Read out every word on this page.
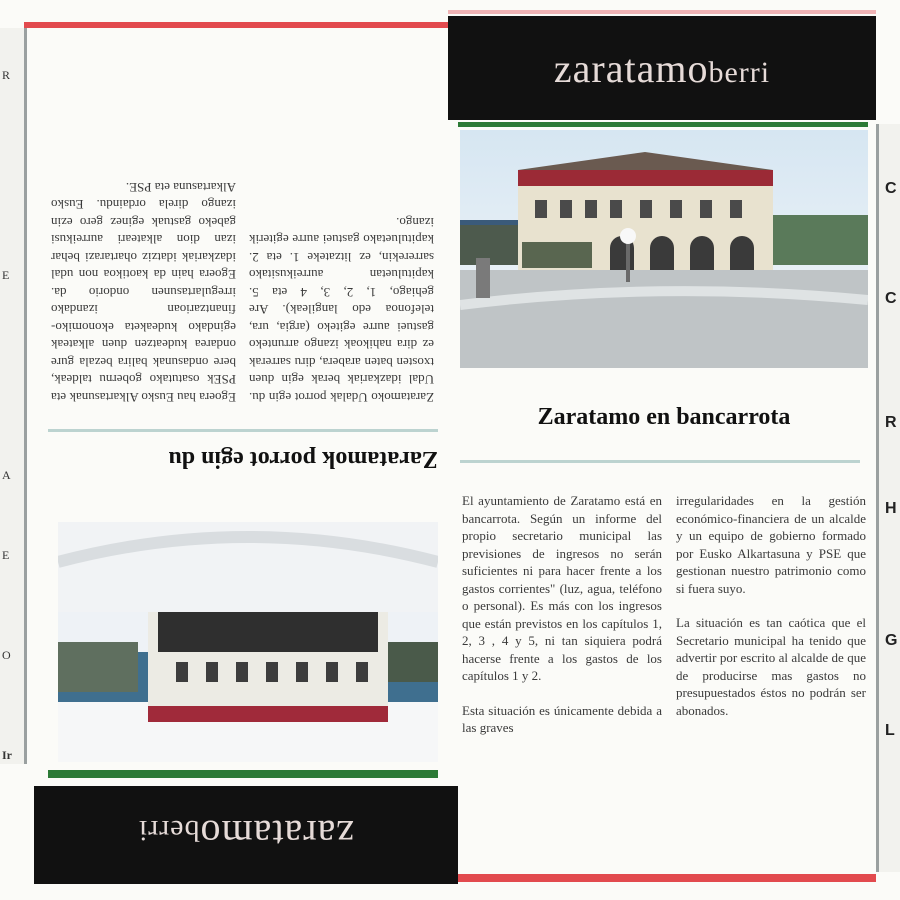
R
E
A
E
O
Ir
C
C
R
H
G
L
zaratamoberri
Zaratamo en bancarrota

El ayuntamiento de Zaratamo está en bancarrota. Según un informe del propio secretario municipal las previsiones de ingresos no serán suficientes ni para hacer frente a los gastos corrientes" (luz, agua, teléfono o personal). Es más con los ingresos que están previstos en los capítulos 1, 2, 3 , 4 y 5, ni tan siquiera podrá hacerse frente a los gastos de los capítulos 1 y 2.

Esta situación es únicamente debida a las graves

irregularidades en la gestión económico-financiera de un alcalde y un equipo de gobierno formado por Eusko Alkartasuna y PSE que gestionan nuestro patrimonio como si fuera suyo.

La situación es tan caótica que el Secretario municipal ha tenido que advertir por escrito al alcalde de que de producirse mas gastos no presupuestados éstos no podrán ser abonados.

zaratamoberri
Zaratamok porrot egin du

Zaratamoko Udalak porrot egin du. Udal idazkariak berak egin duen txosten baten arabera, diru sarrerak ez dira nahikoak izango arrunteko gastuei aurre egiteko (argia, ura, telefonoa edo langileak). Are gehiago, 1, 2, 3, 4 eta 5. kapituluetan aurreikusitako sarrerekin, ez litzateke 1. eta 2. kapituluetako gastuei aurre egiterik izango.

Egoera hau Eusko Alkartasunak eta PSEk osatutako gobernu taldeak, bere ondasunak balira bezala gure ondarea kudeatzen duen alkateak egindako kudeaketa ekonomiko-finantzarioan izandako irregulartasunen ondorio da. Egoera hain da kaotikoa non udal idazkariak idatziz ohartarazi behar izan dion alkateari aurreikusi gabeko gastuak eginez gero ezin izango direla ordaindu. Eusko Alkartasuna eta PSE.
